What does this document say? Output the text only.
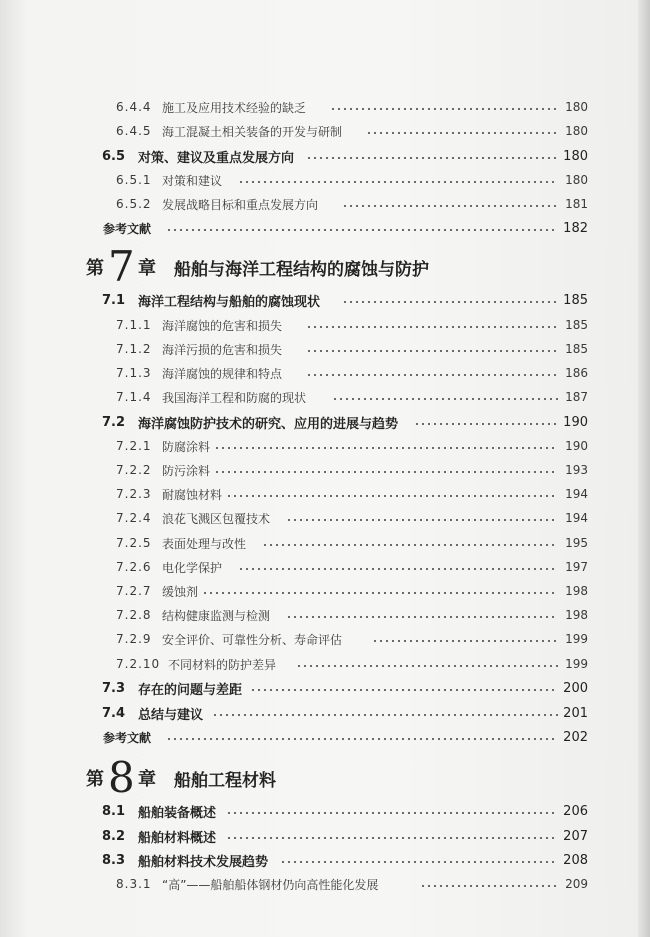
6.4.4 施工及应用技术经验的缺乏	180
6.4.5 海工混凝土相关装备的开发与研制	180
6.5 对策、建议及重点发展方向	180
6.5.1 对策和建议	180
6.5.2 发展战略目标和重点发展方向	181
参考文献	182
第 7 章 船舶与海洋工程结构的腐蚀与防护
7.1 海洋工程结构与船舶的腐蚀现状	185
7.1.1 海洋腐蚀的危害和损失	185
7.1.2 海洋污损的危害和损失	185
7.1.3 海洋腐蚀的规律和特点	186
7.1.4 我国海洋工程和防腐的现状	187
7.2 海洋腐蚀防护技术的研究、应用的进展与趋势	190
7.2.1 防腐涂料	190
7.2.2 防污涂料	193
7.2.3 耐腐蚀材料	194
7.2.4 浪花飞溅区包覆技术	194
7.2.5 表面处理与改性	195
7.2.6 电化学保护	197
7.2.7 缓蚀剂	198
7.2.8 结构健康监测与检测	198
7.2.9 安全评价、可靠性分析、寿命评估	199
7.2.10 不同材料的防护差异	199
7.3 存在的问题与差距	200
7.4 总结与建议	201
参考文献	202
第 8 章 船舶工程材料
8.1 船舶装备概述	206
8.2 船舶材料概述	207
8.3 船舶材料技术发展趋势	208
8.3.1 “高”——船舶船体钢材仍向高性能化发展	209
